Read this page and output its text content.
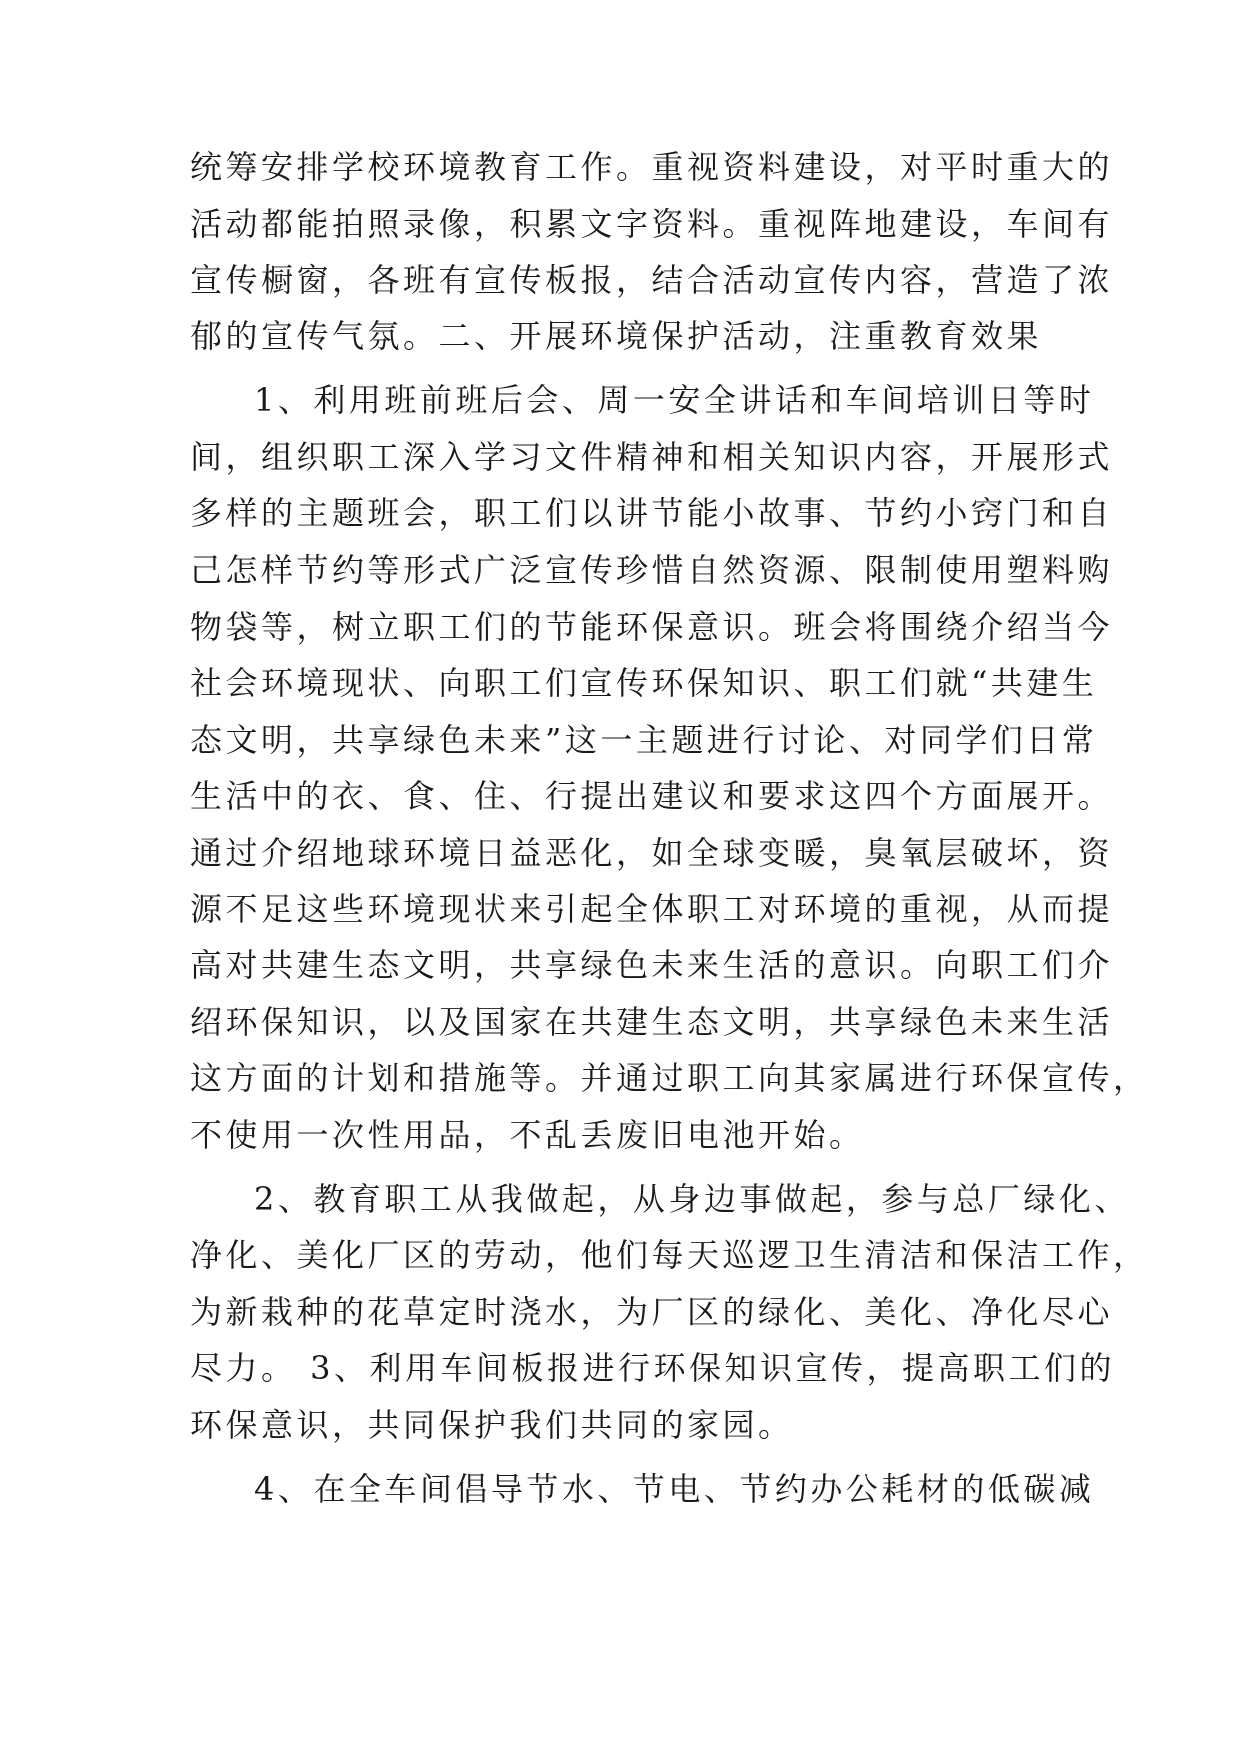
统筹安排学校环境教育工作。重视资料建设，对平时重大的
活动都能拍照录像，积累文字资料。重视阵地建设，车间有
宣传橱窗，各班有宣传板报，结合活动宣传内容，营造了浓
郁的宣传气氛。二、开展环境保护活动，注重教育效果
1、利用班前班后会、周一安全讲话和车间培训日等时
间，组织职工深入学习文件精神和相关知识内容，开展形式
多样的主题班会，职工们以讲节能小故事、节约小窍门和自
己怎样节约等形式广泛宣传珍惜自然资源、限制使用塑料购
物袋等，树立职工们的节能环保意识。班会将围绕介绍当今
社会环境现状、向职工们宣传环保知识、职工们就“共建生
态文明，共享绿色未来”这一主题进行讨论、对同学们日常
生活中的衣、食、住、行提出建议和要求这四个方面展开。
通过介绍地球环境日益恶化，如全球变暖，臭氧层破坏，资
源不足这些环境现状来引起全体职工对环境的重视，从而提
高对共建生态文明，共享绿色未来生活的意识。向职工们介
绍环保知识，以及国家在共建生态文明，共享绿色未来生活
这方面的计划和措施等。并通过职工向其家属进行环保宣传，
不使用一次性用品，不乱丢废旧电池开始。
2、教育职工从我做起，从身边事做起，参与总厂绿化、
净化、美化厂区的劳动，他们每天巡逻卫生清洁和保洁工作，
为新栽种的花草定时浇水，为厂区的绿化、美化、净化尽心
尽力。 3、利用车间板报进行环保知识宣传，提高职工们的
环保意识，共同保护我们共同的家园。
4、在全车间倡导节水、节电、节约办公耗材的低碳减
